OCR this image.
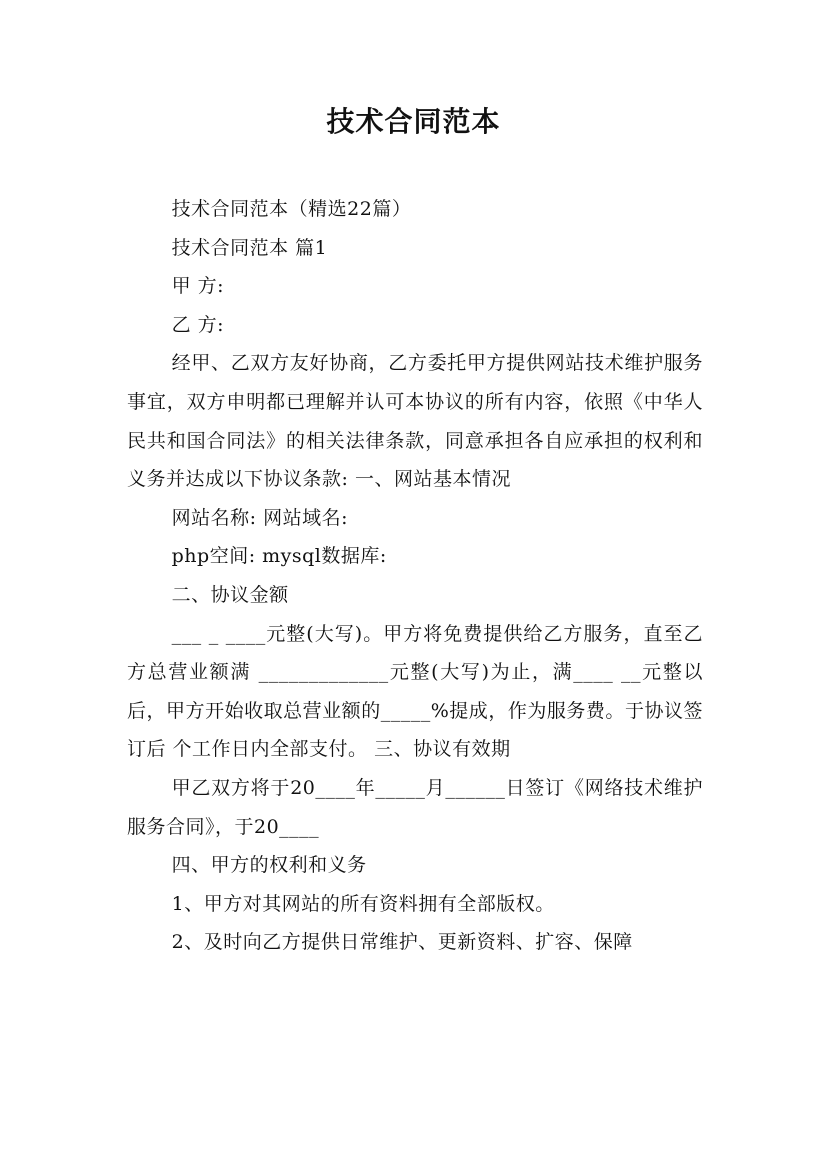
技术合同范本

技术合同范本（精选22篇）

技术合同范本 篇1

甲 方:

乙 方:

经甲、乙双方友好协商，乙方委托甲方提供网站技术维护服务事宜，双方申明都已理解并认可本协议的所有内容，依照《中华人民共和国合同法》的相关法律条款，同意承担各自应承担的权利和义务并达成以下协议条款: 一、网站基本情况

网站名称: 网站域名:

php空间: mysql数据库:

二、协议金额

___ _ ____元整(大写)。甲方将免费提供给乙方服务，直至乙方总营业额满 _____________元整(大写)为止，满____ __元整以后，甲方开始收取总营业额的_____%提成，作为服务费。于协议签订后 个工作日内全部支付。 三、协议有效期

甲乙双方将于20____年_____月______日签订《网络技术维护服务合同》，于20____

四、甲方的权利和义务

1、甲方对其网站的所有资料拥有全部版权。

2、及时向乙方提供日常维护、更新资料、扩容、保障
